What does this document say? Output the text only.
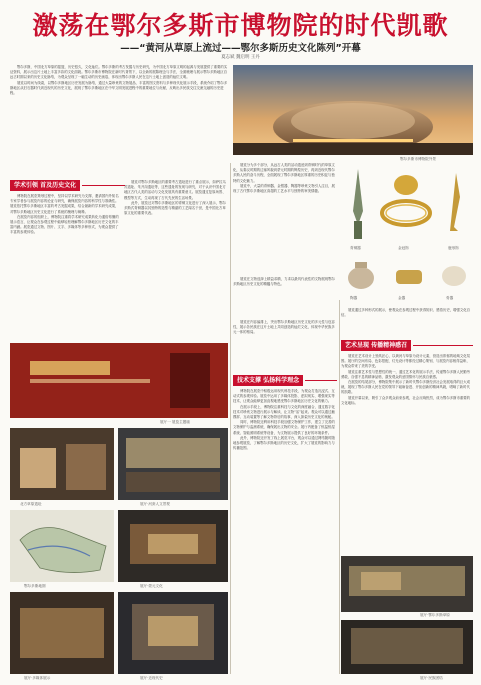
激荡在鄂尔多斯市博物院的时代凯歌
——“黄河从草原上流过——鄂尔多斯历史文化陈列”开幕
夏志斌 魏启明 王丹

鄂尔多斯，中国北方草原的摇篮，历史悠久，文化灿烂。鄂尔多斯的考古发掘与历史研究，为中国北方草原文明的起源与发展提供了重要的实证资料，展示出这片土地上丰富多彩的文化面貌。鄂尔多斯市博物院在新时代背景下，以全新的展陈理念与手法，全面梳理与展示鄂尔多斯地区自远古时期以来的历史文化脉络，为观众呈现了一幅生动的历史画卷，体现出鄂尔多斯人民在这片土地上创造的灿烂文明。

展览以时间为线索，以鄂尔多斯地区历史发展为脉络，通过大量珍贵的文物展品、丰富的图文资料与多种现代化展示手段，系统介绍了鄂尔多斯地区从旧石器时代到近现代的历史文化，展现了鄂尔多斯地区在中华文明发展进程中的重要地位与贡献，反映出多民族交往交流交融的历史进程。

鄂尔多斯市博物院外景

展览分为多个部分，从远古人类的活动遗迹到青铜时代的草原文化，从秦汉时期的边塞风貌到蒙元时期的辉煌历史，再到近现代鄂尔多斯人民的奋斗历程，全面展现了鄂尔多斯地区厚重的历史积淀与独特的文化魅力。

展览中，大量的青铜器、金银器、陶器等珍贵文物引人注目，展现了古代鄂尔多斯地区高超的工艺水平与独特的审美情趣。

青铜器	金冠饰	鹿形饰
陶器	金器	骨器
学术引领 首及历史文化

博物院在展览策划过程中，坚持以学术研究为支撑，邀请国内外知名专家学者参与展览内容的论证与研究，确保展览内容的科学性与准确性。展览依托鄂尔多斯地区丰富的考古发掘成果，结合最新的学术研究成果，对鄂尔多斯地区历史文化进行了系统的梳理与阐释。

在展览内容的组织上，博物院注重将学术研究成果转化为通俗易懂的展示语言，让观众在参观过程中能够轻松理解鄂尔多斯地区历史文化的丰富内涵。展览通过文物、图片、文字、多媒体等多种形式，为观众提供了丰富的参观体验。

展览对鄂尔多斯地区的重要考古遗址进行了重点展示，如萨拉乌苏遗址、朱开沟遗址等，这些遗址的发现与研究，对于认识中国北方地区古代人类的活动与文化发展具有重要意义。展览通过复原场景、模型等方式，生动再现了古代先民的生活场景。

此外，展览还对鄂尔多斯地区的青铜文化进行了深入展示，鄂尔多斯式青铜器以其独特的造型与精湛的工艺闻名于世，是中国北方草原文化的重要代表。

展览在文物选择上精益求精，力求以最具代表性的文物展现鄂尔多斯地区历史文化的精髓与特色。

展厅一 展览主题墙
北方草原遗址	展厅·河套人文景观
鄂尔多斯地图	展厅·蒙元文化
展厅·多媒体展示	展厅·近现代史

展览在内容编排上，突出鄂尔多斯地区历史文化的多元性与包容性，展示各民族在这片土地上共同创造的灿烂文化，体现中华民族多元一体的格局。

技术支撑 弘扬科学理念

博物院在展览中积极运用现代科技手段，为观众打造沉浸式、互动式的参观体验。展览中运用了多媒体投影、虚拟现实、增强现实等技术，让观众能够更加直观地感受鄂尔多斯地区历史文化的魅力。

在展示手段上，博物院注重科技与文化的深度融合，通过数字化技术对珍贵文物进行展示与解读，让文物“活”起来。观众可以通过触摸屏、互动装置等了解文物背后的故事，深入探索历史文化的奥秘。

同时，博物院还利用科技手段加强文物保护工作，建立了完善的文物保护与监测系统，确保展出文物的安全。展厅内配备了恒温恒湿系统、智能照明系统等设备，为文物展示提供了良好的环境条件。

此外，博物院还开发了线上展览平台，观众可以通过网络随时随地参观展览，了解鄂尔多斯地区的历史文化，扩大了展览的影响力与传播范围。

展览通过多种形式的展示，使观众在参观过程中获得知识、感悟历史，增强文化自信。

艺术呈现 传播精神感召

展览在艺术设计上独具匠心，以黄河与草原为设计元素，营造出浓郁的地域文化氛围。展厅的空间布局、色彩搭配、灯光设计等都经过精心策划，与展览内容相得益彰，为观众带来了美的享受。

展览注重艺术性与思想性的统一，通过艺术化的展示手法，传递鄂尔多斯人民勤劳勇敢、自强不息的精神品格，激发观众的爱国情怀与民族自豪感。

在展览的结尾部分，博物院集中展示了新时代鄂尔多斯经济社会发展取得的巨大成就，展现了鄂尔多斯人民在党的领导下砥砺奋进、开拓创新的精神风貌，唱响了新时代的凯歌。

展览开幕以来，吸引了众多观众前来参观，社会反响热烈，成为鄂尔多斯市重要的文化地标。

展厅·鄂尔多斯草原
展厅·民族团结
